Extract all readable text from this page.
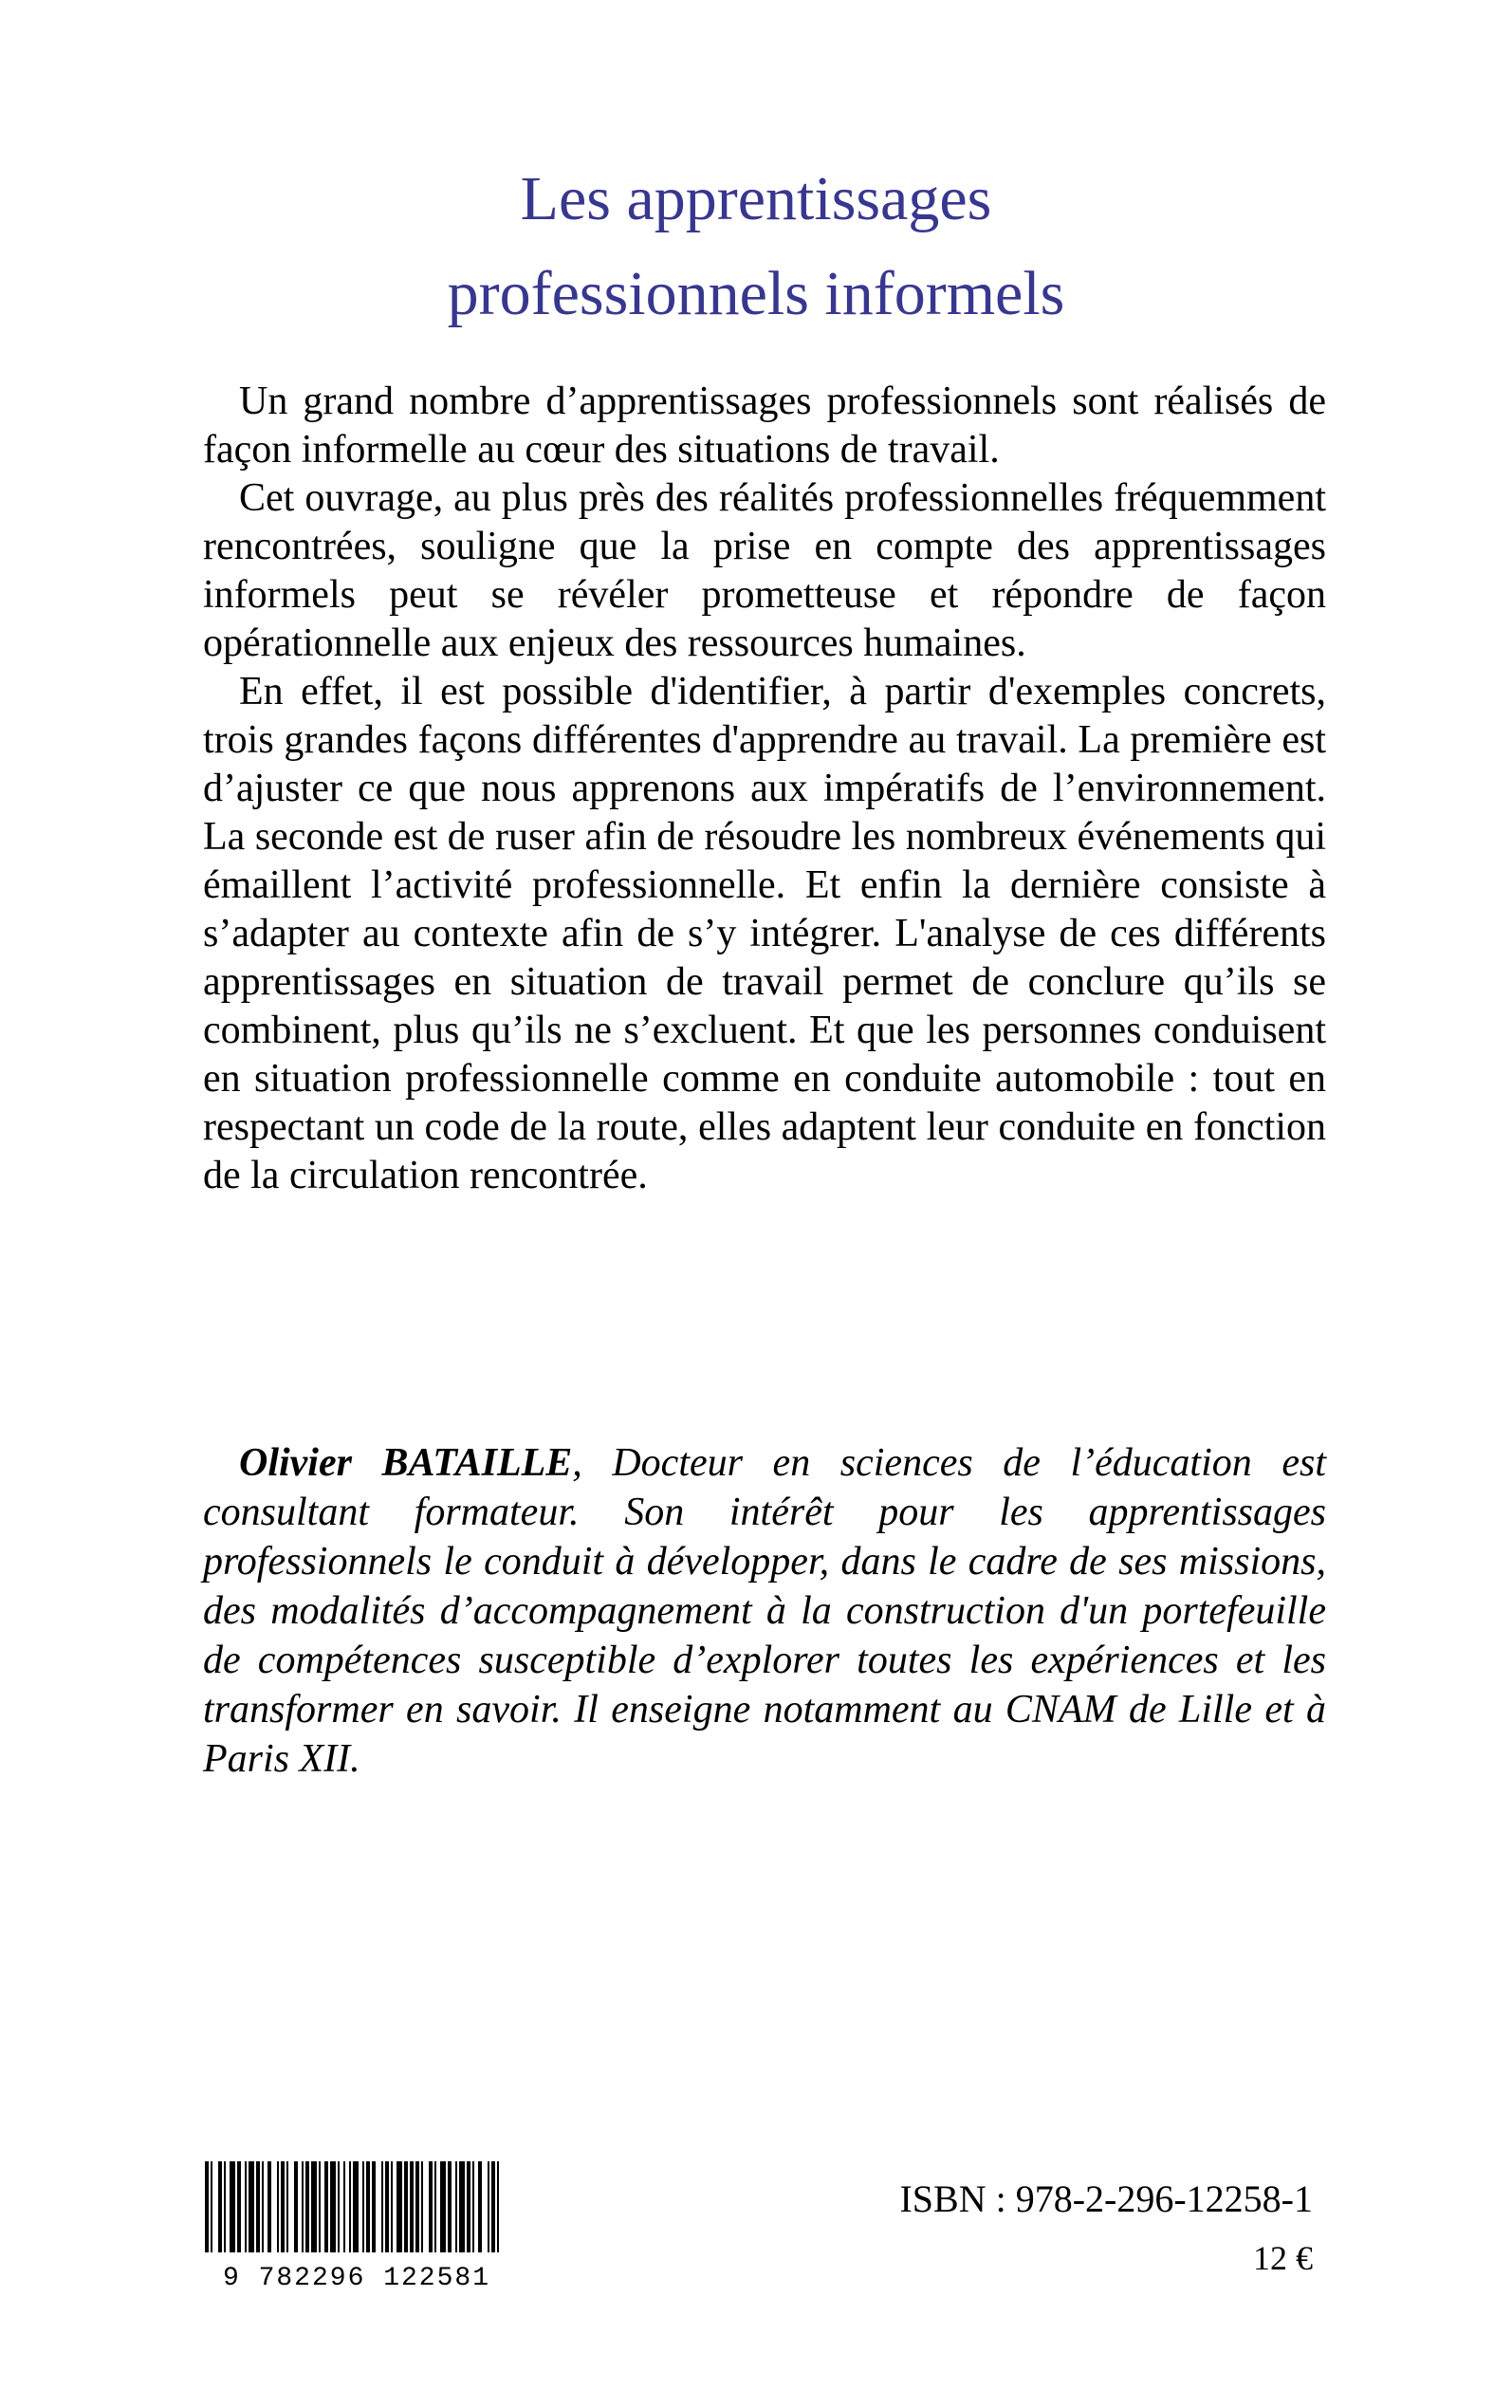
Les apprentissages
professionnels informels

Un grand nombre d’apprentissages professionnels sont réalisés de façon informelle au cœur des situations de travail.

Cet ouvrage, au plus près des réalités professionnelles fréquemment rencontrées, souligne que la prise en compte des apprentissages informels peut se révéler prometteuse et répondre de façon opérationnelle aux enjeux des ressources humaines.

En effet, il est possible d'identifier, à partir d'exemples concrets, trois grandes façons différentes d'apprendre au travail. La première est d’ajuster ce que nous apprenons aux impératifs de l’environnement. La seconde est de ruser afin de résoudre les nombreux événements qui émaillent l’activité professionnelle. Et enfin la dernière consiste à s’adapter au contexte afin de s’y intégrer. L'analyse de ces différents apprentissages en situation de travail permet de conclure qu’ils se combinent, plus qu’ils ne s’excluent. Et que les personnes conduisent en situation professionnelle comme en conduite automobile : tout en respectant un code de la route, elles adaptent leur conduite en fonction de la circulation rencontrée.

Olivier BATAILLE, Docteur en sciences de l’éducation est consultant formateur. Son intérêt pour les apprentissages professionnels le conduit à développer, dans le cadre de ses missions, des modalités d’accompagnement à la construction d'un portefeuille de compétences susceptible d’explorer toutes les expériences et les transformer en savoir. Il enseigne notamment au CNAM de Lille et à Paris XII.

9 782296 122581
ISBN : 978-2-296-12258-1
12 €
